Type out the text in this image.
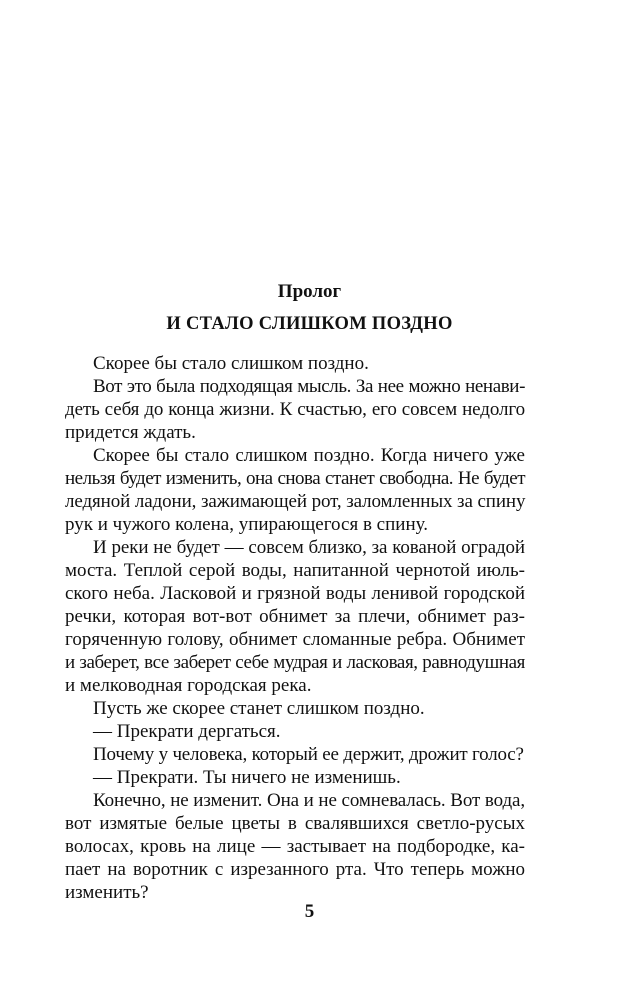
Пролог
И СТАЛО СЛИШКОМ ПОЗДНО
Скорее бы стало слишком поздно.
Вот это была подходящая мысль. За нее можно ненави-
деть себя до конца жизни. К счастью, его совсем недолго
придется ждать.
Скорее бы стало слишком поздно. Когда ничего уже
нельзя будет изменить, она снова станет свободна. Не будет
ледяной ладони, зажимающей рот, заломленных за спину
рук и чужого колена, упирающегося в спину.
И реки не будет — совсем близко, за кованой оградой
моста. Теплой серой воды, напитанной чернотой июль-
ского неба. Ласковой и грязной воды ленивой городской
речки, которая вот-вот обнимет за плечи, обнимет раз-
горяченную голову, обнимет сломанные ребра. Обнимет
и заберет, все заберет себе мудрая и ласковая, равнодушная
и мелководная городская река.
Пусть же скорее станет слишком поздно.
— Прекрати дергаться.
Почему у человека, который ее держит, дрожит голос?
— Прекрати. Ты ничего не изменишь.
Конечно, не изменит. Она и не сомневалась. Вот вода,
вот измятые белые цветы в свалявшихся светло-русых
волосах, кровь на лице — застывает на подбородке, ка-
пает на воротник с изрезанного рта. Что теперь можно
изменить?
5
